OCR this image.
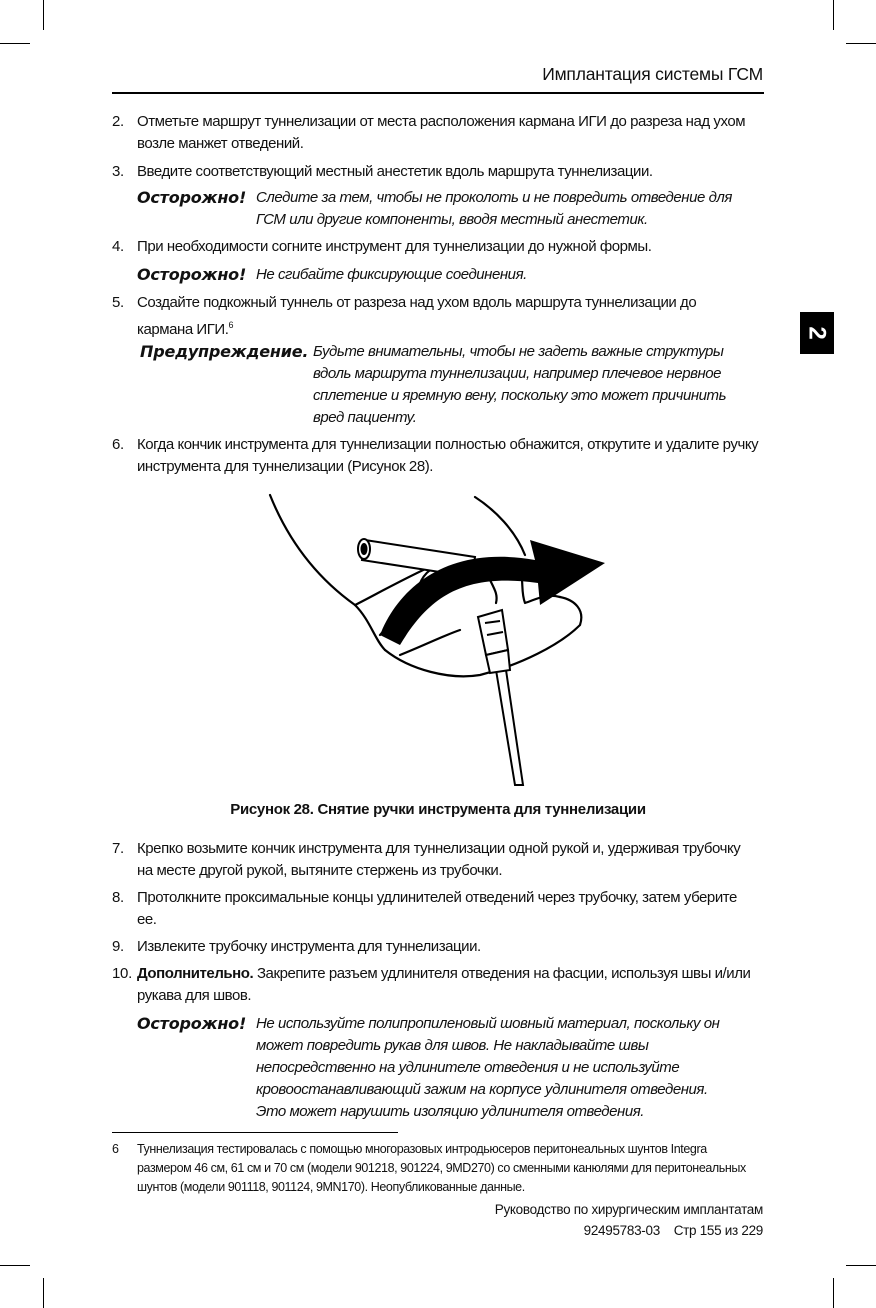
Имплантация системы ГСМ
2
2. Отметьте маршрут туннелизации от места расположения кармана ИГИ до разреза над ухом возле манжет отведений.
3. Введите соответствующий местный анестетик вдоль маршрута туннелизации.
Осторожно! Следите за тем, чтобы не проколоть и не повредить отведение для ГСМ или другие компоненты, вводя местный анестетик.
4. При необходимости согните инструмент для туннелизации до нужной формы.
Осторожно! Не сгибайте фиксирующие соединения.
5. Создайте подкожный туннель от разреза над ухом вдоль маршрута туннелизации до кармана ИГИ.$^6$
Предупреждение. Будьте внимательны, чтобы не задеть важные структуры вдоль маршрута туннелизации, например плечевое нервное сплетение и яремную вену, поскольку это может причинить вред пациенту.
6. Когда кончик инструмента для туннелизации полностью обнажится, открутите и удалите ручку инструмента для туннелизации (Рисунок 28).
Рисунок 28. Снятие ручки инструмента для туннелизации
7. Крепко возьмите кончик инструмента для туннелизации одной рукой и, удерживая трубочку на месте другой рукой, вытяните стержень из трубочки.
8. Протолкните проксимальные концы удлинителей отведений через трубочку, затем уберите ее.
9. Извлеките трубочку инструмента для туннелизации.
10. Дополнительно. Закрепите разъем удлинителя отведения на фасции, используя швы и/или рукава для швов.
Осторожно! Не используйте полипропиленовый шовный материал, поскольку он может повредить рукав для швов. Не накладывайте швы непосредственно на удлинителе отведения и не используйте кровоостанавливающий зажим на корпусе удлинителя отведения. Это может нарушить изоляцию удлинителя отведения.
6 Туннелизация тестировалась с помощью многоразовых интродьюсеров перитонеальных шунтов Integra размером 46 см, 61 см и 70 см (модели 901218, 901224, 9MD270) со сменными канюлями для перитонеальных шунтов (модели 901118, 901124, 9MN170). Неопубликованные данные.
Руководство по хирургическим имплантатам
92495783-03 Стр 155 из 229
